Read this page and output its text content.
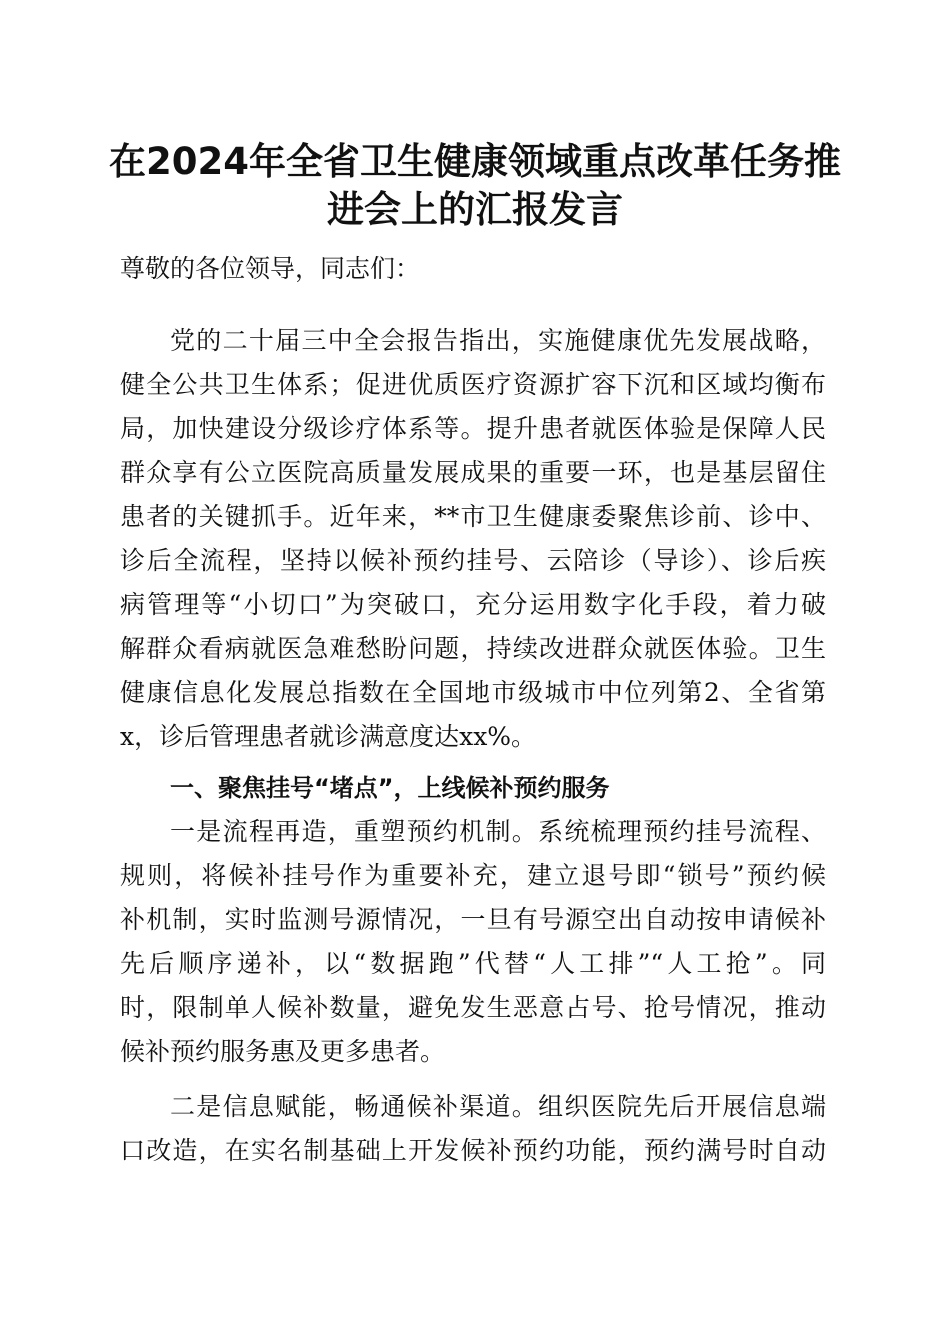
在2024年全省卫生健康领域重点改革任务推
进会上的汇报发言
尊敬的各位领导，同志们：
党的二十届三中全会报告指出，实施健康优先发展战略，
健全公共卫生体系；促进优质医疗资源扩容下沉和区域均衡布
局，加快建设分级诊疗体系等。提升患者就医体验是保障人民
群众享有公立医院高质量发展成果的重要一环，也是基层留住
患者的关键抓手。近年来，**市卫生健康委聚焦诊前、诊中、
诊后全流程，坚持以候补预约挂号、云陪诊（导诊）、诊后疾
病管理等“小切口”为突破口，充分运用数字化手段，着力破
解群众看病就医急难愁盼问题，持续改进群众就医体验。卫生
健康信息化发展总指数在全国地市级城市中位列第2、全省第
x，诊后管理患者就诊满意度达xx%。
一、聚焦挂号“堵点”，上线候补预约服务
一是流程再造，重塑预约机制。系统梳理预约挂号流程、
规则，将候补挂号作为重要补充，建立退号即“锁号”预约候
补机制，实时监测号源情况，一旦有号源空出自动按申请候补
先后顺序递补，以“数据跑”代替“人工排”“人工抢”。同
时，限制单人候补数量，避免发生恶意占号、抢号情况，推动
候补预约服务惠及更多患者。
二是信息赋能，畅通候补渠道。组织医院先后开展信息端
口改造，在实名制基础上开发候补预约功能，预约满号时自动
